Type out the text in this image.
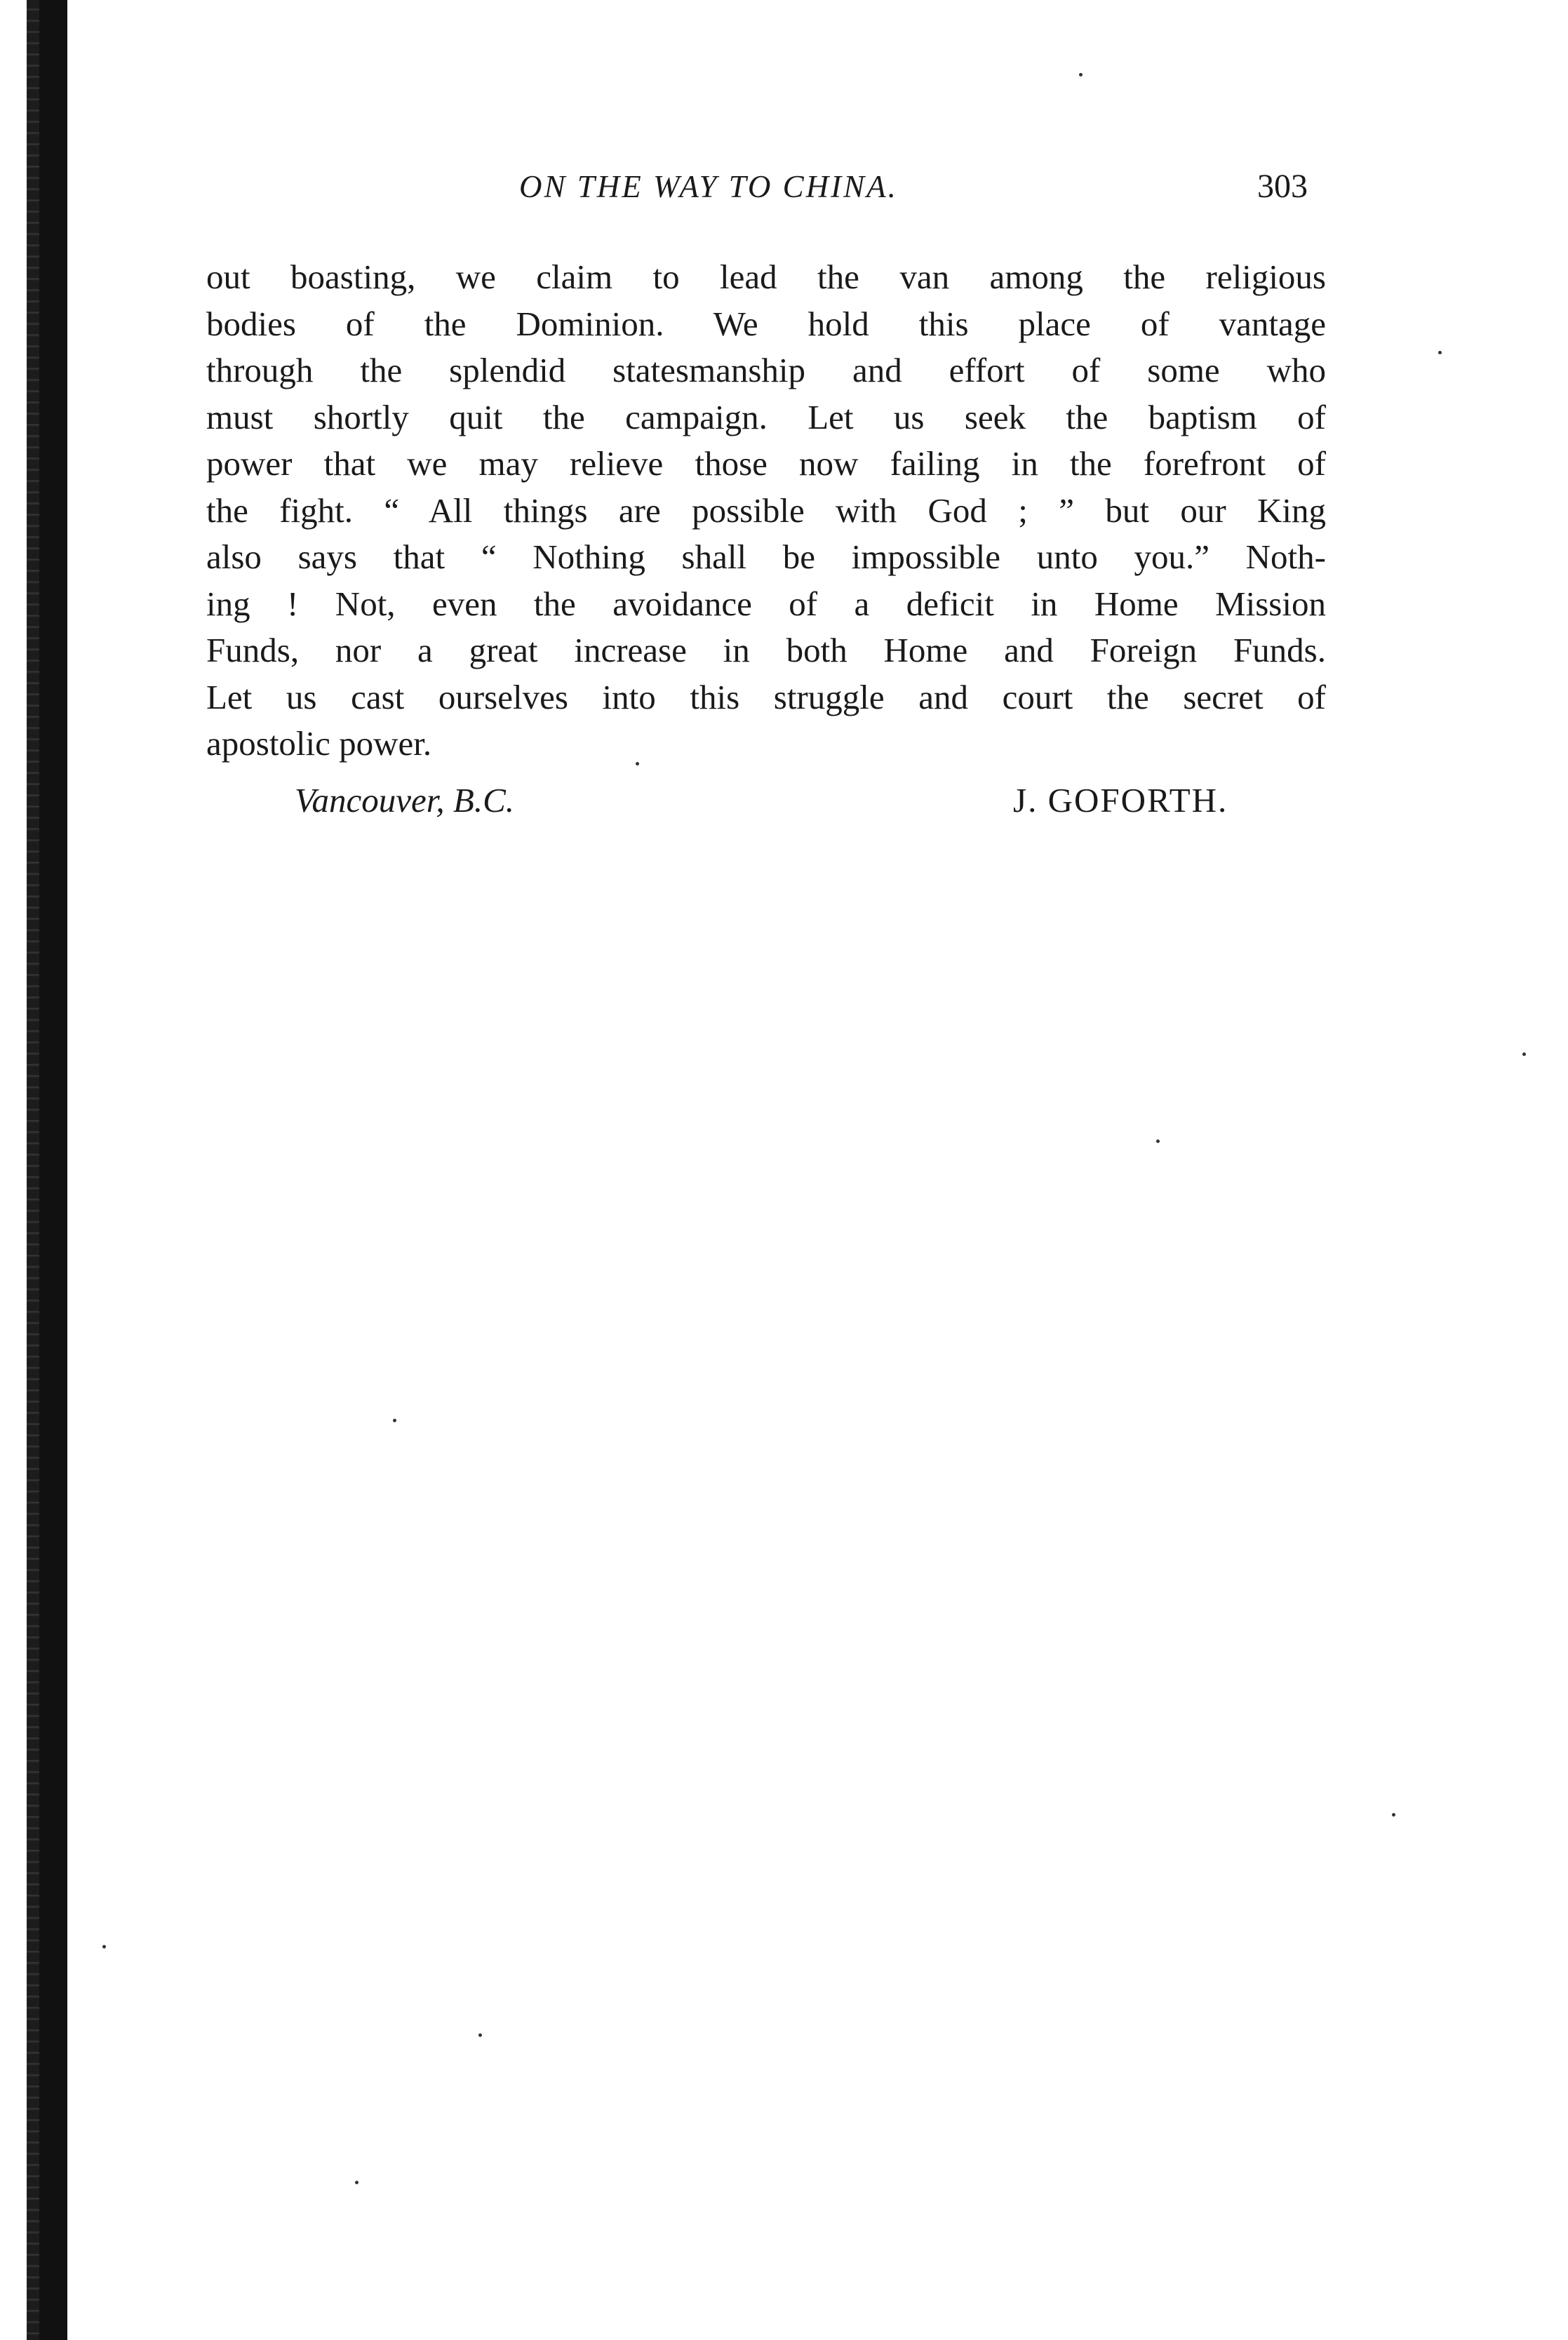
ON THE WAY TO CHINA.	303
out boasting, we claim to lead the van among the religious
bodies of the Dominion. We hold this place of vantage
through the splendid statesmanship and effort of some who
must shortly quit the campaign. Let us seek the baptism of
power that we may relieve those now failing in the forefront of
the fight. “ All things are possible with God ; ” but our King
also says that “ Nothing shall be impossible unto you.” Noth-
ing ! Not, even the avoidance of a deficit in Home Mission
Funds, nor a great increase in both Home and Foreign Funds.
Let us cast ourselves into this struggle and court the secret of
apostolic power.
Vancouver, B.C.	J. GOFORTH.
